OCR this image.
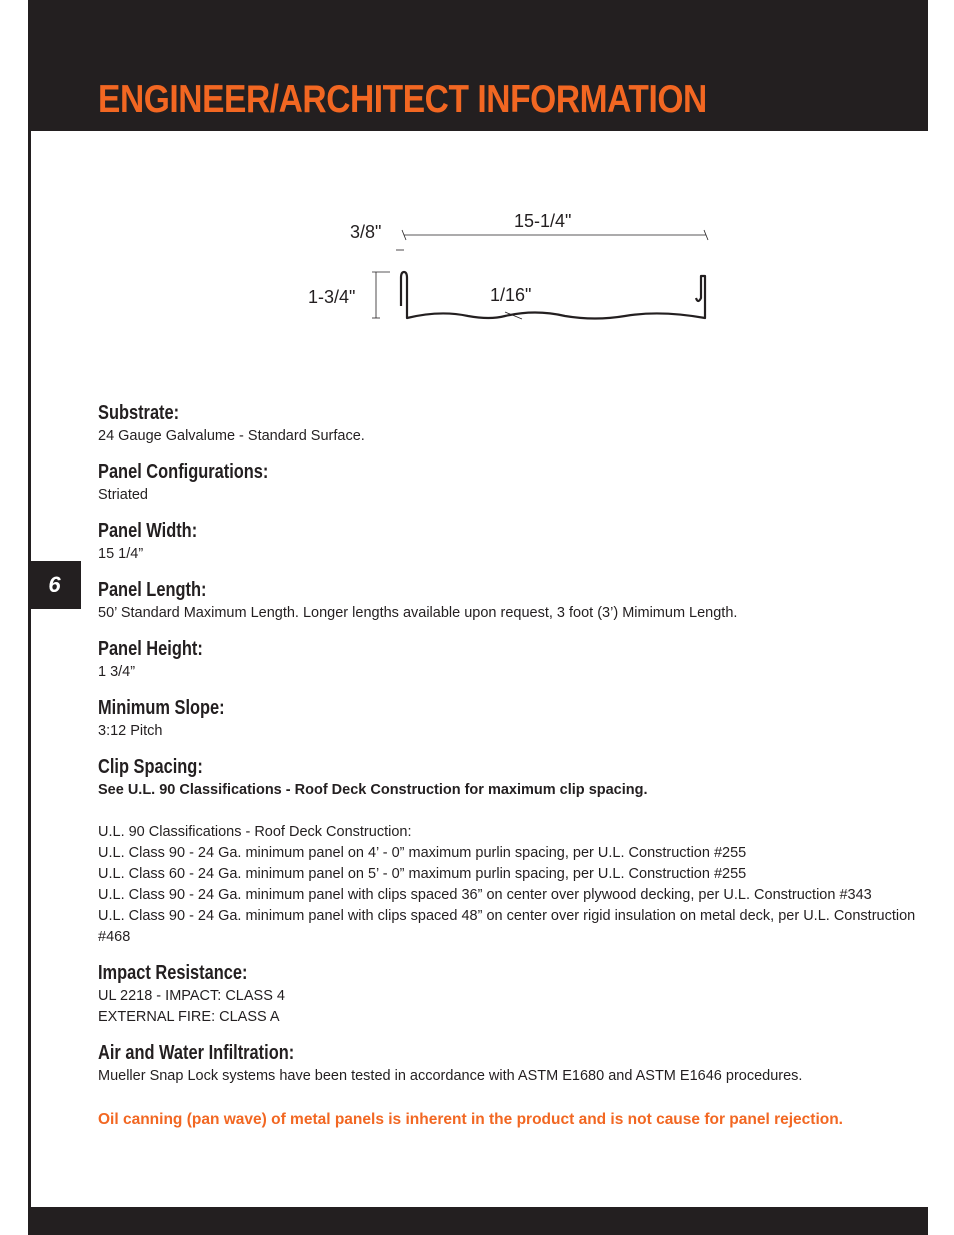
ENGINEER/ARCHITECT INFORMATION
6
15-1/4ʺ
3/8ʺ
1-3/4ʺ	1/16ʺ
Substrate:

24 Gauge Galvalume - Standard Surface.

Panel Configurations:

Striated

Panel Width:

15 1/4”

Panel Length:

50’ Standard Maximum Length. Longer lengths available upon request, 3 foot (3’) Mimimum Length.

Panel Height:

1 3/4”

Minimum Slope:

3:12 Pitch

Clip Spacing:

See U.L. 90 Classifications - Roof Deck Construction for maximum clip spacing.

U.L. 90 Classifications - Roof Deck Construction:

U.L. Class 90 - 24 Ga. minimum panel on 4’ - 0” maximum purlin spacing, per U.L. Construction #255

U.L. Class 60 - 24 Ga. minimum panel on 5’ - 0” maximum purlin spacing, per U.L. Construction #255

U.L. Class 90 - 24 Ga. minimum panel with clips spaced 36” on center over plywood decking, per U.L. Construction #343

U.L. Class 90 - 24 Ga. minimum panel with clips spaced 48” on center over rigid insulation on metal deck, per U.L. Construction #468

Impact Resistance:

UL 2218 - IMPACT: CLASS 4

EXTERNAL FIRE: CLASS A

Air and Water Infiltration:

Mueller Snap Lock systems have been tested in accordance with ASTM E1680 and ASTM E1646 procedures.

Oil canning (pan wave) of metal panels is inherent in the product and is not cause for panel rejection.
